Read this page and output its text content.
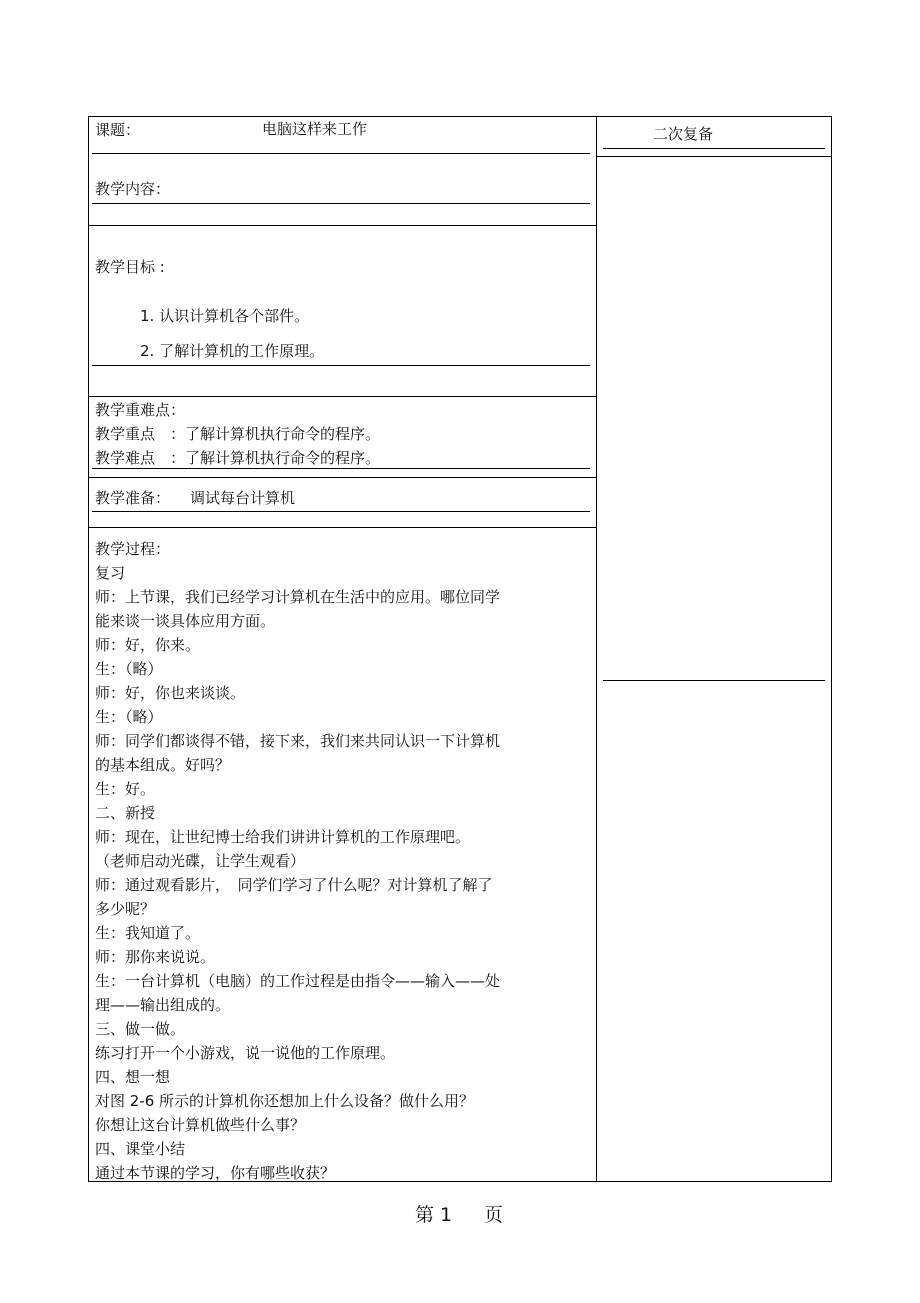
课题：	电脑这样来工作	二次复备
教学内容：
教学目标 :
1. 认识计算机各个部件。
2. 了解计算机的工作原理。
教学重难点：
教学重点　：了解计算机执行命令的程序。
教学难点　：了解计算机执行命令的程序。
教学准备： 调试每台计算机
教学过程：
复习
师：上节课，我们已经学习计算机在生活中的应用。哪位同学
能来谈一谈具体应用方面。
师：好，你来。
生：（略）
师：好，你也来谈谈。
生：（略）
师：同学们都谈得不错，接下来，我们来共同认识一下计算机
的基本组成。好吗？
生：好。
二、新授
师：现在，让世纪博士给我们讲讲计算机的工作原理吧。
（老师启动光碟，让学生观看）
师：通过观看影片，　同学们学习了什么呢？对计算机了解了
多少呢？
生：我知道了。
师：那你来说说。
生：一台计算机（电脑）的工作过程是由指令——输入——处
理——输出组成的。
三、做一做。
练习打开一个小游戏，说一说他的工作原理。
四、想一想
对图 2-6 所示的计算机你还想加上什么设备？做什么用？
你想让这台计算机做些什么事？
四、课堂小结
通过本节课的学习，你有哪些收获？
第 1 页
